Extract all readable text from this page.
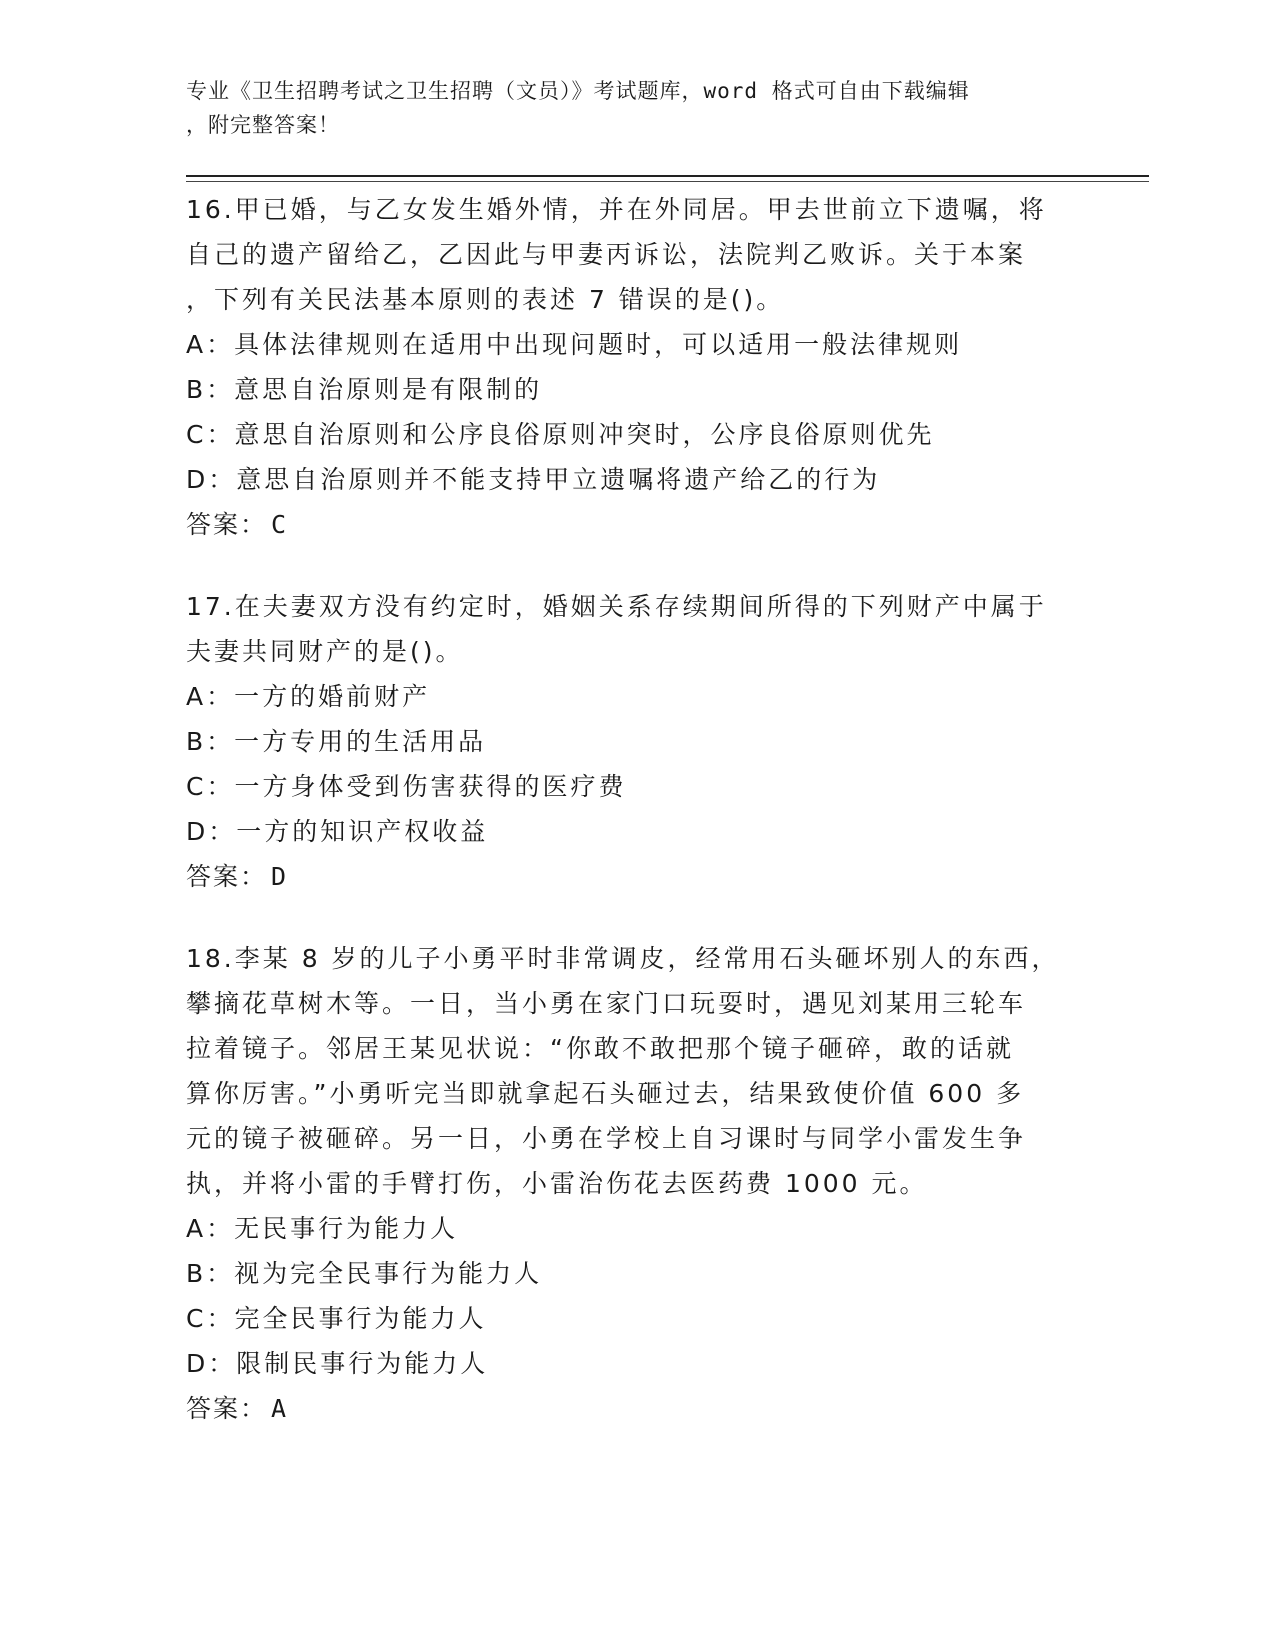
专业《卫生招聘考试之卫生招聘（文员）》考试题库，word 格式可自由下载编辑
，附完整答案！
16.甲已婚，与乙女发生婚外情，并在外同居。甲去世前立下遗嘱，将
自己的遗产留给乙，乙因此与甲妻丙诉讼，法院判乙败诉。关于本案
，下列有关民法基本原则的表述 7 错误的是()。
A：具体法律规则在适用中出现问题时，可以适用一般法律规则
B：意思自治原则是有限制的
C：意思自治原则和公序良俗原则冲突时，公序良俗原则优先
D：意思自治原则并不能支持甲立遗嘱将遗产给乙的行为
答案： C
17.在夫妻双方没有约定时，婚姻关系存续期间所得的下列财产中属于
夫妻共同财产的是()。
A：一方的婚前财产
B：一方专用的生活用品
C：一方身体受到伤害获得的医疗费
D：一方的知识产权收益
答案： D
18.李某 8 岁的儿子小勇平时非常调皮，经常用石头砸坏别人的东西，
攀摘花草树木等。一日，当小勇在家门口玩耍时，遇见刘某用三轮车
拉着镜子。邻居王某见状说：“你敢不敢把那个镜子砸碎，敢的话就
算你厉害。”小勇听完当即就拿起石头砸过去，结果致使价值 600 多
元的镜子被砸碎。另一日，小勇在学校上自习课时与同学小雷发生争
执，并将小雷的手臂打伤，小雷治伤花去医药费 1000 元。
A：无民事行为能力人
B：视为完全民事行为能力人
C：完全民事行为能力人
D：限制民事行为能力人
答案： A
